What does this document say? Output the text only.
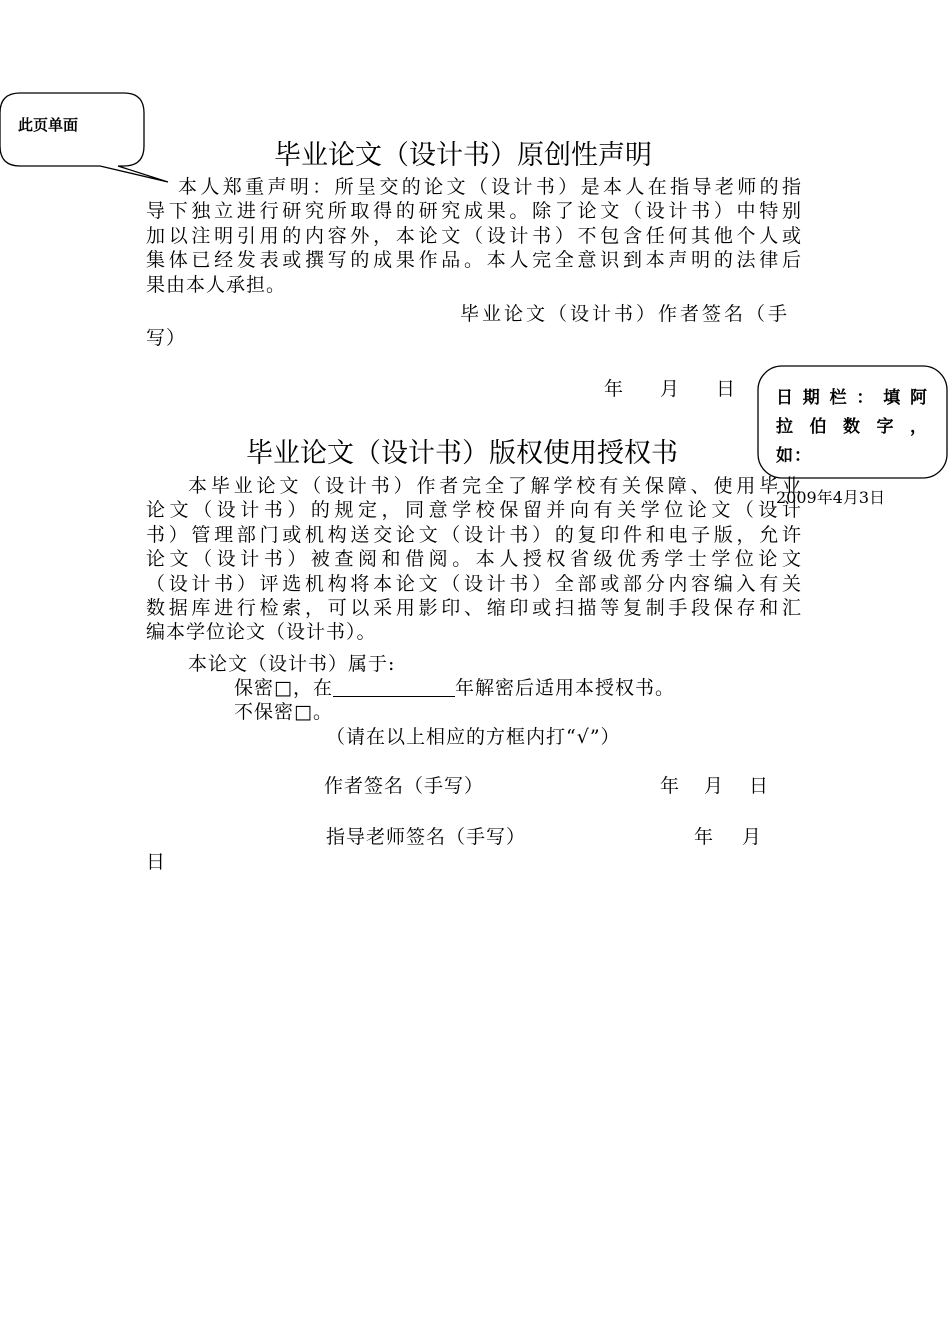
此页单面
毕业论文（设计书）原创性声明

本人郑重声明：所呈交的论文（设计书）是本人在指导老师的指

导下独立进行研究所取得的研究成果。除了论文（设计书）中特别

加以注明引用的内容外，本论文（设计书）不包含任何其他个人或

集体已经发表或撰写的成果作品。本人完全意识到本声明的法律后

果由本人承担。

毕业论文（设计书）作者签名（手
写）
年 月 日	日期栏：填阿

拉伯数字，

如：

2009年4月3日
毕业论文（设计书）版权使用授权书

本毕业论文（设计书）作者完全了解学校有关保障、使用毕业

论文（设计书）的规定，同意学校保留并向有关学位论文（设计

书）管理部门或机构送交论文（设计书）的复印件和电子版，允许

论文（设计书）被查阅和借阅。本人授权省级优秀学士学位论文

（设计书）评选机构将本论文（设计书）全部或部分内容编入有关

数据库进行检索，可以采用影印、缩印或扫描等复制手段保存和汇

编本学位论文（设计书）。

本论文（设计书）属于:
保密□，在	年解密后适用本授权书。
不保密□。
（请在以上相应的方框内打“√”）
作者签名（手写）	年 月 日
指导老师签名（手写）	年 月
日
